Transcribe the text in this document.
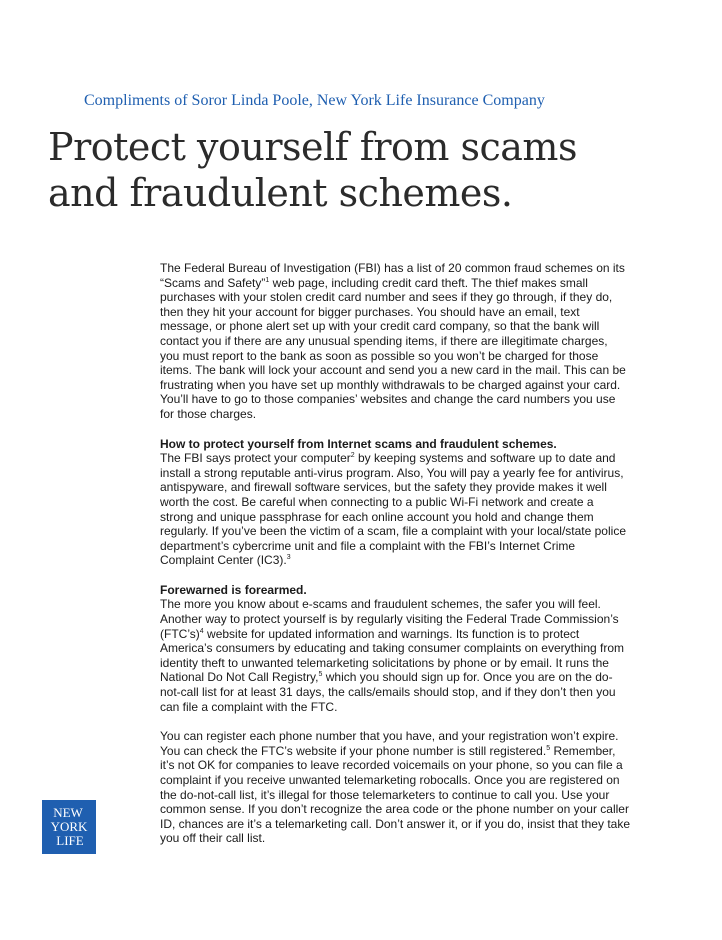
Compliments of Soror Linda Poole, New York Life Insurance Company
Protect yourself from scams
and fraudulent schemes.

The Federal Bureau of Investigation (FBI) has a list of 20 common fraud schemes on its “Scams and Safety”$^1$ web page, including credit card theft. The thief makes small purchases with your stolen credit card number and sees if they go through, if they do, then they hit your account for bigger purchases. You should have an email, text message, or phone alert set up with your credit card company, so that the bank will contact you if there are any unusual spending items, if there are illegitimate charges, you must report to the bank as soon as possible so you won’t be charged for those items. The bank will lock your account and send you a new card in the mail. This can be frustrating when you have set up monthly withdrawals to be charged against your card. You’ll have to go to those companies’ websites and change the card numbers you use for those charges.

How to protect yourself from Internet scams and fraudulent schemes.

The FBI says protect your computer$^2$ by keeping systems and software up to date and install a strong reputable anti-virus program. Also, You will pay a yearly fee for antivirus, antispyware, and firewall software services, but the safety they provide makes it well worth the cost. Be careful when connecting to a public Wi-Fi network and create a strong and unique passphrase for each online account you hold and change them regularly. If you’ve been the victim of a scam, file a complaint with your local/state police department’s cybercrime unit and file a complaint with the FBI’s Internet Crime Complaint Center (IC3).$^3$

Forewarned is forearmed.

The more you know about e-scams and fraudulent schemes, the safer you will feel. Another way to protect yourself is by regularly visiting the Federal Trade Commission’s (FTC’s)$^4$ website for updated information and warnings. Its function is to protect America’s consumers by educating and taking consumer complaints on everything from identity theft to unwanted telemarketing solicitations by phone or by email. It runs the National Do Not Call Registry,$^5$ which you should sign up for. Once you are on the do-not-call list for at least 31 days, the calls/emails should stop, and if they don’t then you can file a complaint with the FTC.

You can register each phone number that you have, and your registration won’t expire. You can check the FTC’s website if your phone number is still registered.$^5$ Remember, it’s not OK for companies to leave recorded voicemails on your phone, so you can file a complaint if you receive unwanted telemarketing robocalls. Once you are registered on the do-not-call list, it’s illegal for those telemarketers to continue to call you. Use your common sense. If you don’t recognize the area code or the phone number on your caller ID, chances are it’s a telemarketing call. Don’t answer it, or if you do, insist that they take you off their call list.

NEW
YORK
LIFE
